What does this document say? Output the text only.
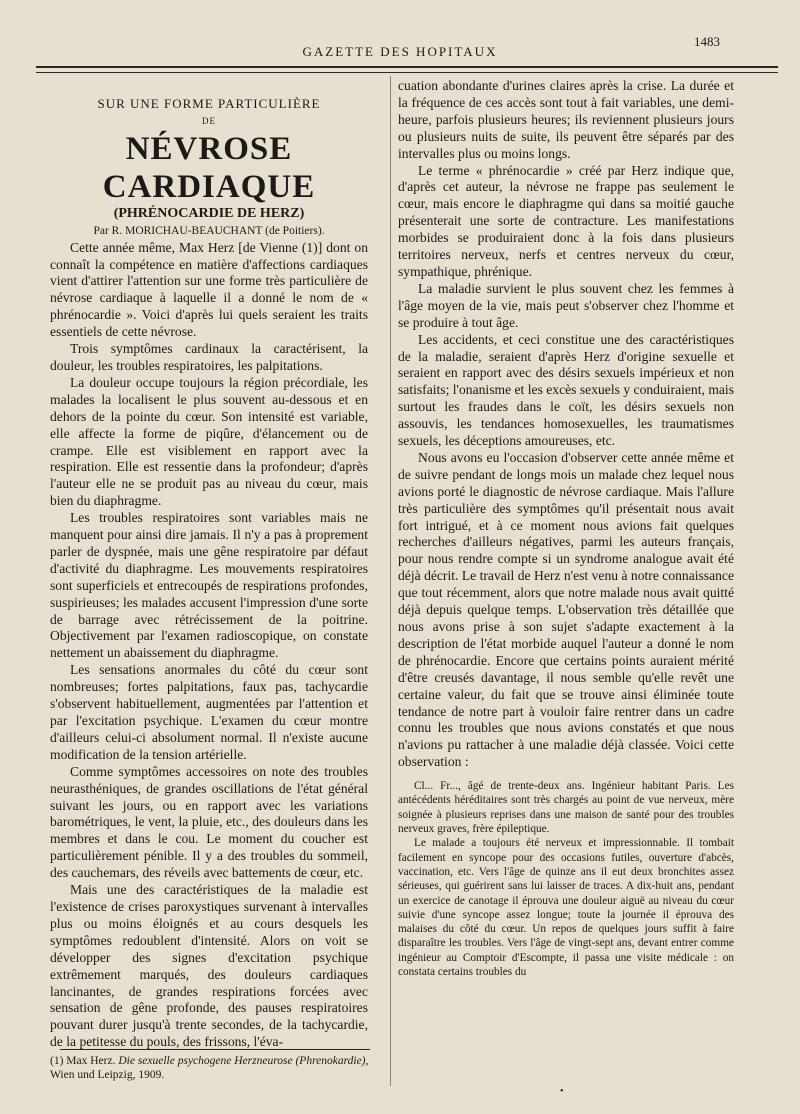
GAZETTE DES HOPITAUX
1483

SUR UNE FORME PARTICULIÈRE

DE

NÉVROSE CARDIAQUE

(PHRÉNOCARDIE DE HERZ)

Par R. MORICHAU-BEAUCHANT (de Poitiers).

Cette année même, Max Herz [de Vienne (1)] dont on connaît la compétence en matière d'affections cardiaques vient d'attirer l'attention sur une forme très particulière de névrose cardiaque à laquelle il a donné le nom de « phrénocardie ». Voici d'après lui quels seraient les traits essentiels de cette névrose.

Trois symptômes cardinaux la caractérisent, la douleur, les troubles respiratoires, les palpitations.

La douleur occupe toujours la région précordiale, les malades la localisent le plus souvent au-dessous et en dehors de la pointe du cœur. Son intensité est variable, elle affecte la forme de piqûre, d'élancement ou de crampe. Elle est visiblement en rapport avec la respiration. Elle est ressentie dans la profondeur; d'après l'auteur elle ne se produit pas au niveau du cœur, mais bien du diaphragme.

Les troubles respiratoires sont variables mais ne manquent pour ainsi dire jamais. Il n'y a pas à proprement parler de dyspnée, mais une gêne respiratoire par défaut d'activité du diaphragme. Les mouvements respiratoires sont superficiels et entrecoupés de respirations profondes, suspirieuses; les malades accusent l'impression d'une sorte de barrage avec rétrécissement de la poitrine. Objectivement par l'examen radioscopique, on constate nettement un abaissement du diaphragme.

Les sensations anormales du côté du cœur sont nombreuses; fortes palpitations, faux pas, tachycardie s'observent habituellement, augmentées par l'attention et par l'excitation psychique. L'examen du cœur montre d'ailleurs celui-ci absolument normal. Il n'existe aucune modification de la tension artérielle.

Comme symptômes accessoires on note des troubles neurasthéniques, de grandes oscillations de l'état général suivant les jours, ou en rapport avec les variations barométriques, le vent, la pluie, etc., des douleurs dans les membres et dans le cou. Le moment du coucher est particulièrement pénible. Il y a des troubles du sommeil, des cauchemars, des réveils avec battements de cœur, etc.

Mais une des caractéristiques de la maladie est l'existence de crises paroxystiques survenant à intervalles plus ou moins éloignés et au cours desquels les symptômes redoublent d'intensité. Alors on voit se développer des signes d'excitation psychique extrêmement marqués, des douleurs cardiaques lancinantes, de grandes respirations forcées avec sensation de gêne profonde, des pauses respiratoires pouvant durer jusqu'à trente secondes, de la tachycardie, de la petitesse du pouls, des frissons, l'éva-

cuation abondante d'urines claires après la crise. La durée et la fréquence de ces accès sont tout à fait variables, une demi-heure, parfois plusieurs heures; ils reviennent plusieurs jours ou plusieurs nuits de suite, ils peuvent être séparés par des intervalles plus ou moins longs.

Le terme « phrénocardie » créé par Herz indique que, d'après cet auteur, la névrose ne frappe pas seulement le cœur, mais encore le diaphragme qui dans sa moitié gauche présenterait une sorte de contracture. Les manifestations morbides se produiraient donc à la fois dans plusieurs territoires nerveux, nerfs et centres nerveux du cœur, sympathique, phrénique.

La maladie survient le plus souvent chez les femmes à l'âge moyen de la vie, mais peut s'observer chez l'homme et se produire à tout âge.

Les accidents, et ceci constitue une des caractéristiques de la maladie, seraient d'après Herz d'origine sexuelle et seraient en rapport avec des désirs sexuels impérieux et non satisfaits; l'onanisme et les excès sexuels y conduiraient, mais surtout les fraudes dans le coït, les désirs sexuels non assouvis, les tendances homosexuelles, les traumatismes sexuels, les déceptions amoureuses, etc.

Nous avons eu l'occasion d'observer cette année même et de suivre pendant de longs mois un malade chez lequel nous avions porté le diagnostic de névrose cardiaque. Mais l'allure très particulière des symptômes qu'il présentait nous avait fort intrigué, et à ce moment nous avions fait quelques recherches d'ailleurs négatives, parmi les auteurs français, pour nous rendre compte si un syndrome analogue avait été déjà décrit. Le travail de Herz n'est venu à notre connaissance que tout récemment, alors que notre malade nous avait quitté déjà depuis quelque temps. L'observation très détaillée que nous avons prise à son sujet s'adapte exactement à la description de l'état morbide auquel l'auteur a donné le nom de phrénocardie. Encore que certains points auraient mérité d'être creusés davantage, il nous semble qu'elle revêt une certaine valeur, du fait que se trouve ainsi éliminée toute tendance de notre part à vouloir faire rentrer dans un cadre connu les troubles que nous avions constatés et que nous n'avions pu rattacher à une maladie déjà classée. Voici cette observation :

Cl... Fr..., âgé de trente-deux ans. Ingénieur habitant Paris. Les antécédents héréditaires sont très chargés au point de vue nerveux, mère soignée à plusieurs reprises dans une maison de santé pour des troubles nerveux graves, frère épileptique.

Le malade a toujours été nerveux et impressionnable. Il tombait facilement en syncope pour des occasions futiles, ouverture d'abcès, vaccination, etc. Vers l'âge de quinze ans il eut deux bronchites assez sérieuses, qui guérirent sans lui laisser de traces. A dix-huit ans, pendant un exercice de canotage il éprouva une douleur aiguë au niveau du cœur suivie d'une syncope assez longue; toute la journée il éprouva des malaises du côté du cœur. Un repos de quelques jours suffit à faire disparaître les troubles. Vers l'âge de vingt-sept ans, devant entrer comme ingénieur au Comptoir d'Escompte, il passa une visite médicale : on constata certains troubles du

(1) Max Herz. Die sexuelle psychogene Herzneurose (Phrenokardie), Wien und Leipzig, 1909.
•
